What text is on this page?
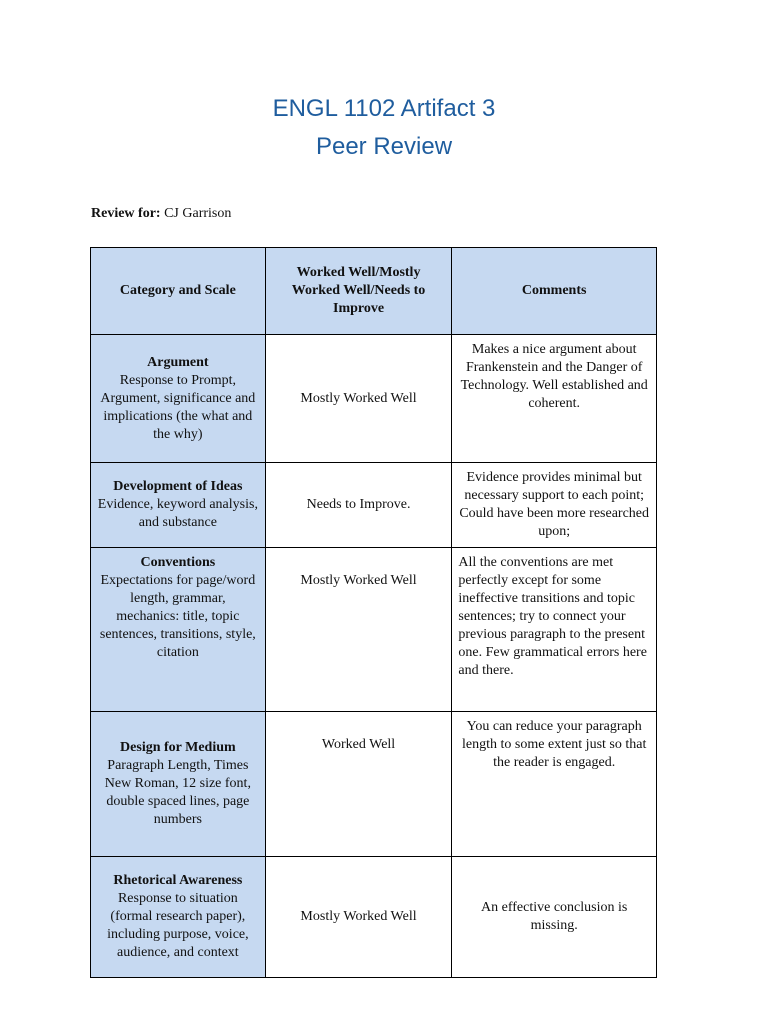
ENGL 1102 Artifact 3
Peer Review
Review for: CJ Garrison
Category and Scale	Worked Well/Mostly Worked Well/Needs to Improve	Comments

Argument
Response to Prompt, Argument, significance and implications (the what and the why)	Mostly Worked Well	Makes a nice argument about Frankenstein and the Danger of Technology. Well established and coherent.

Development of Ideas
Evidence, keyword analysis, and substance	Needs to Improve.	Evidence provides minimal but necessary support to each point; Could have been more researched upon;

Conventions
Expectations for page/word length, grammar, mechanics: title, topic sentences, transitions, style, citation	Mostly Worked Well	All the conventions are met perfectly except for some ineffective transitions and topic sentences; try to connect your previous paragraph to the present one. Few grammatical errors here and there.

Design for Medium
Paragraph Length, Times New Roman, 12 size font, double spaced lines, page numbers	Worked Well	You can reduce your paragraph length to some extent just so that the reader is engaged.

Rhetorical Awareness
Response to situation (formal research paper), including purpose, voice, audience, and context	Mostly Worked Well	An effective conclusion is missing.
